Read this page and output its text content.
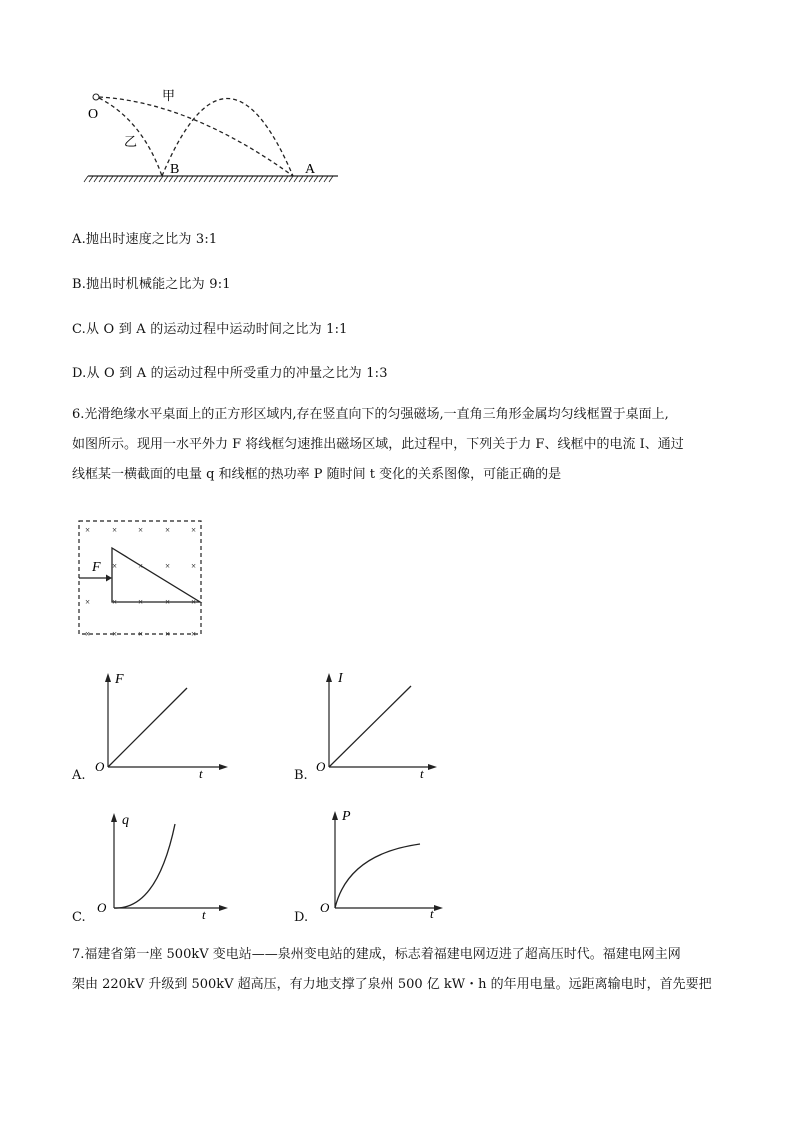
O
甲
乙
B	A
A.抛出时速度之比为 3:1
B.抛出时机械能之比为 9:1
C.从 O 到 A 的运动过程中运动时间之比为 1:1
D.从 O 到 A 的运动过程中所受重力的冲量之比为 1:3
6.光滑绝缘水平桌面上的正方形区域内,存在竖直向下的匀强磁场,一直角三角形金属均匀线框置于桌面上,
如图所示。现用一水平外力 F 将线框匀速推出磁场区域，此过程中，下列关于力 F、线框中的电流 I、通过
线框某一横截面的电量 q 和线框的热功率 P 随时间 t 变化的关系图像，可能正确的是
× × × × ×
× × × ×
× × × × ×
× × × × ×
F
F
t
O
A.
I
t
O
B.
q
t
O
C.
P
t
O
D.
7.福建省第一座 500kV 变电站——泉州变电站的建成，标志着福建电网迈进了超高压时代。福建电网主网
架由 220kV 升级到 500kV 超高压，有力地支撑了泉州 500 亿 kW・h 的年用电量。远距离输电时，首先要把
